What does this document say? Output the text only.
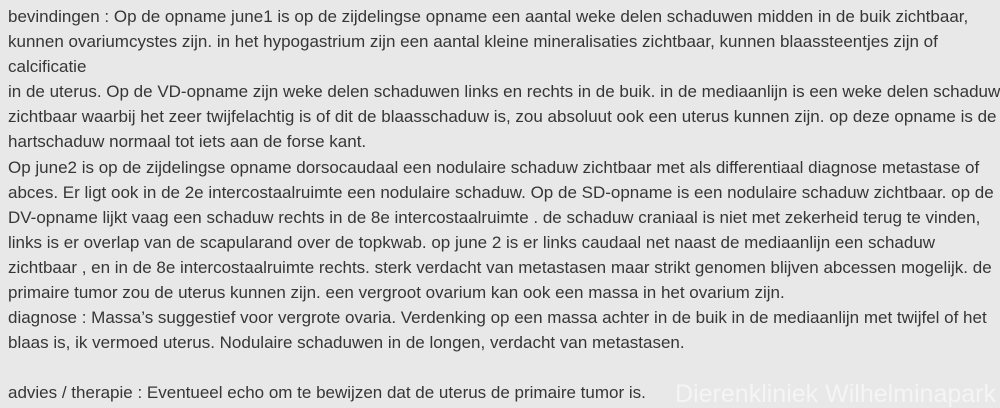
bevindingen : Op de opname june1 is op de zijdelingse opname een aantal weke delen schaduwen midden in de buik zichtbaar,
kunnen ovariumcystes zijn. in het hypogastrium zijn een aantal kleine mineralisaties zichtbaar, kunnen blaassteentjes zijn of
calcificatie
in de uterus. Op de VD-opname zijn weke delen schaduwen links en rechts in de buik. in de mediaanlijn is een weke delen schaduw
zichtbaar waarbij het zeer twijfelachtig is of dit de blaasschaduw is, zou absoluut ook een uterus kunnen zijn. op deze opname is de
hartschaduw normaal tot iets aan de forse kant.
Op june2 is op de zijdelingse opname dorsocaudaal een nodulaire schaduw zichtbaar met als differentiaal diagnose metastase of
abces. Er ligt ook in de 2e intercostaalruimte een nodulaire schaduw. Op de SD-opname is een nodulaire schaduw zichtbaar. op de
DV-opname lijkt vaag een schaduw rechts in de 8e intercostaalruimte . de schaduw craniaal is niet met zekerheid terug te vinden,
links is er overlap van de scapularand over de topkwab. op june 2 is er links caudaal net naast de mediaanlijn een schaduw
zichtbaar , en in de 8e intercostaalruimte rechts. sterk verdacht van metastasen maar strikt genomen blijven abcessen mogelijk. de
primaire tumor zou de uterus kunnen zijn. een vergroot ovarium kan ook een massa in het ovarium zijn.
diagnose : Massa’s suggestief voor vergrote ovaria. Verdenking op een massa achter in de buik in de mediaanlijn met twijfel of het
blaas is, ik vermoed uterus. Nodulaire schaduwen in de longen, verdacht van metastasen.

advies / therapie : Eventueel echo om te bewijzen dat de uterus de primaire tumor is.	Dierenkliniek Wilhelminapark
